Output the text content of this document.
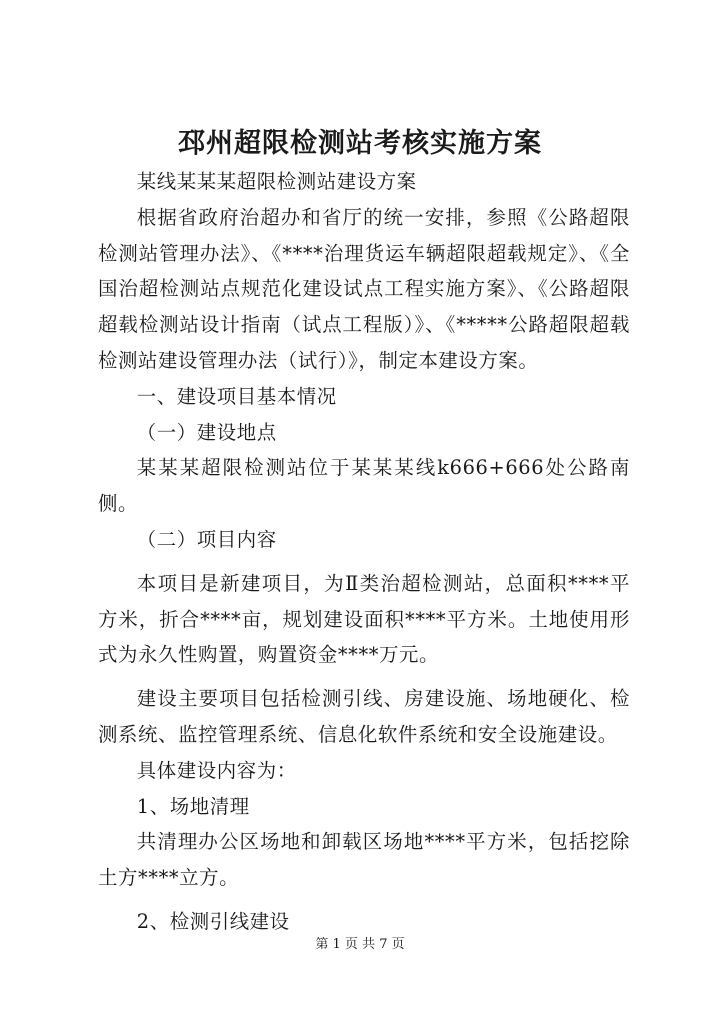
邳州超限检测站考核实施方案

某线某某某超限检测站建设方案

根据省政府治超办和省厅的统一安排，参照《公路超限检测站管理办法》、《****治理货运车辆超限超载规定》、《全国治超检测站点规范化建设试点工程实施方案》、《公路超限超载检测站设计指南（试点工程版）》、《*****公路超限超载检测站建设管理办法（试行）》，制定本建设方案。

一、建设项目基本情况

（一）建设地点

某某某超限检测站位于某某某线k666+666处公路南侧。

（二）项目内容

本项目是新建项目，为Ⅱ类治超检测站，总面积****平方米，折合****亩，规划建设面积****平方米。土地使用形式为永久性购置，购置资金****万元。

建设主要项目包括检测引线、房建设施、场地硬化、检测系统、监控管理系统、信息化软件系统和安全设施建设。

具体建设内容为：

1、场地清理

共清理办公区场地和卸载区场地****平方米，包括挖除土方****立方。

2、检测引线建设

第 1 页 共 7 页
